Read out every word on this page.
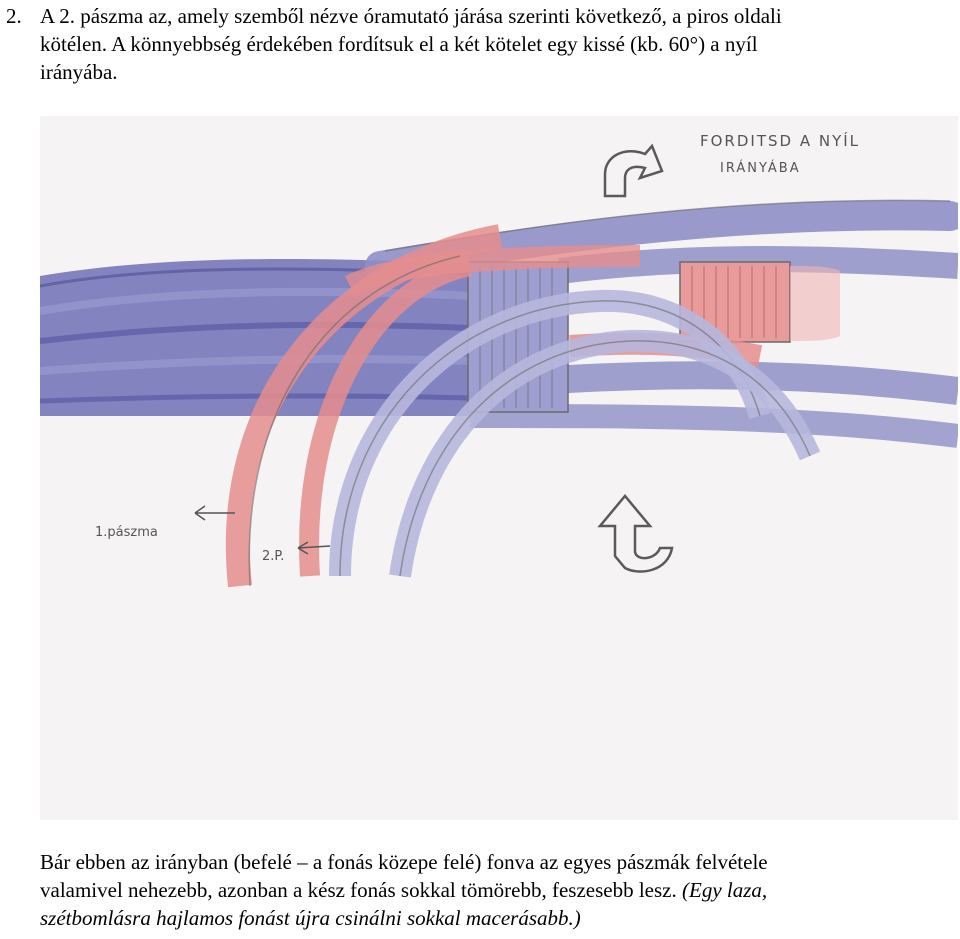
2. A 2. pászma az, amely szemből nézve óramutató járása szerinti következő, a piros oldali
kötélen. A könnyebbség érdekében fordítsuk el a két kötelet egy kissé (kb. 60°) a nyíl
irányába.
FORDITSD A NYÍL
IRÁNYÁBA
1.pászma
2.P.
Bár ebben az irányban (befelé – a fonás közepe felé) fonva az egyes pászmák felvétele
valamivel nehezebb, azonban a kész fonás sokkal tömörebb, feszesebb lesz. (Egy laza,
szétbomlásra hajlamos fonást újra csinálni sokkal macerásabb.)
